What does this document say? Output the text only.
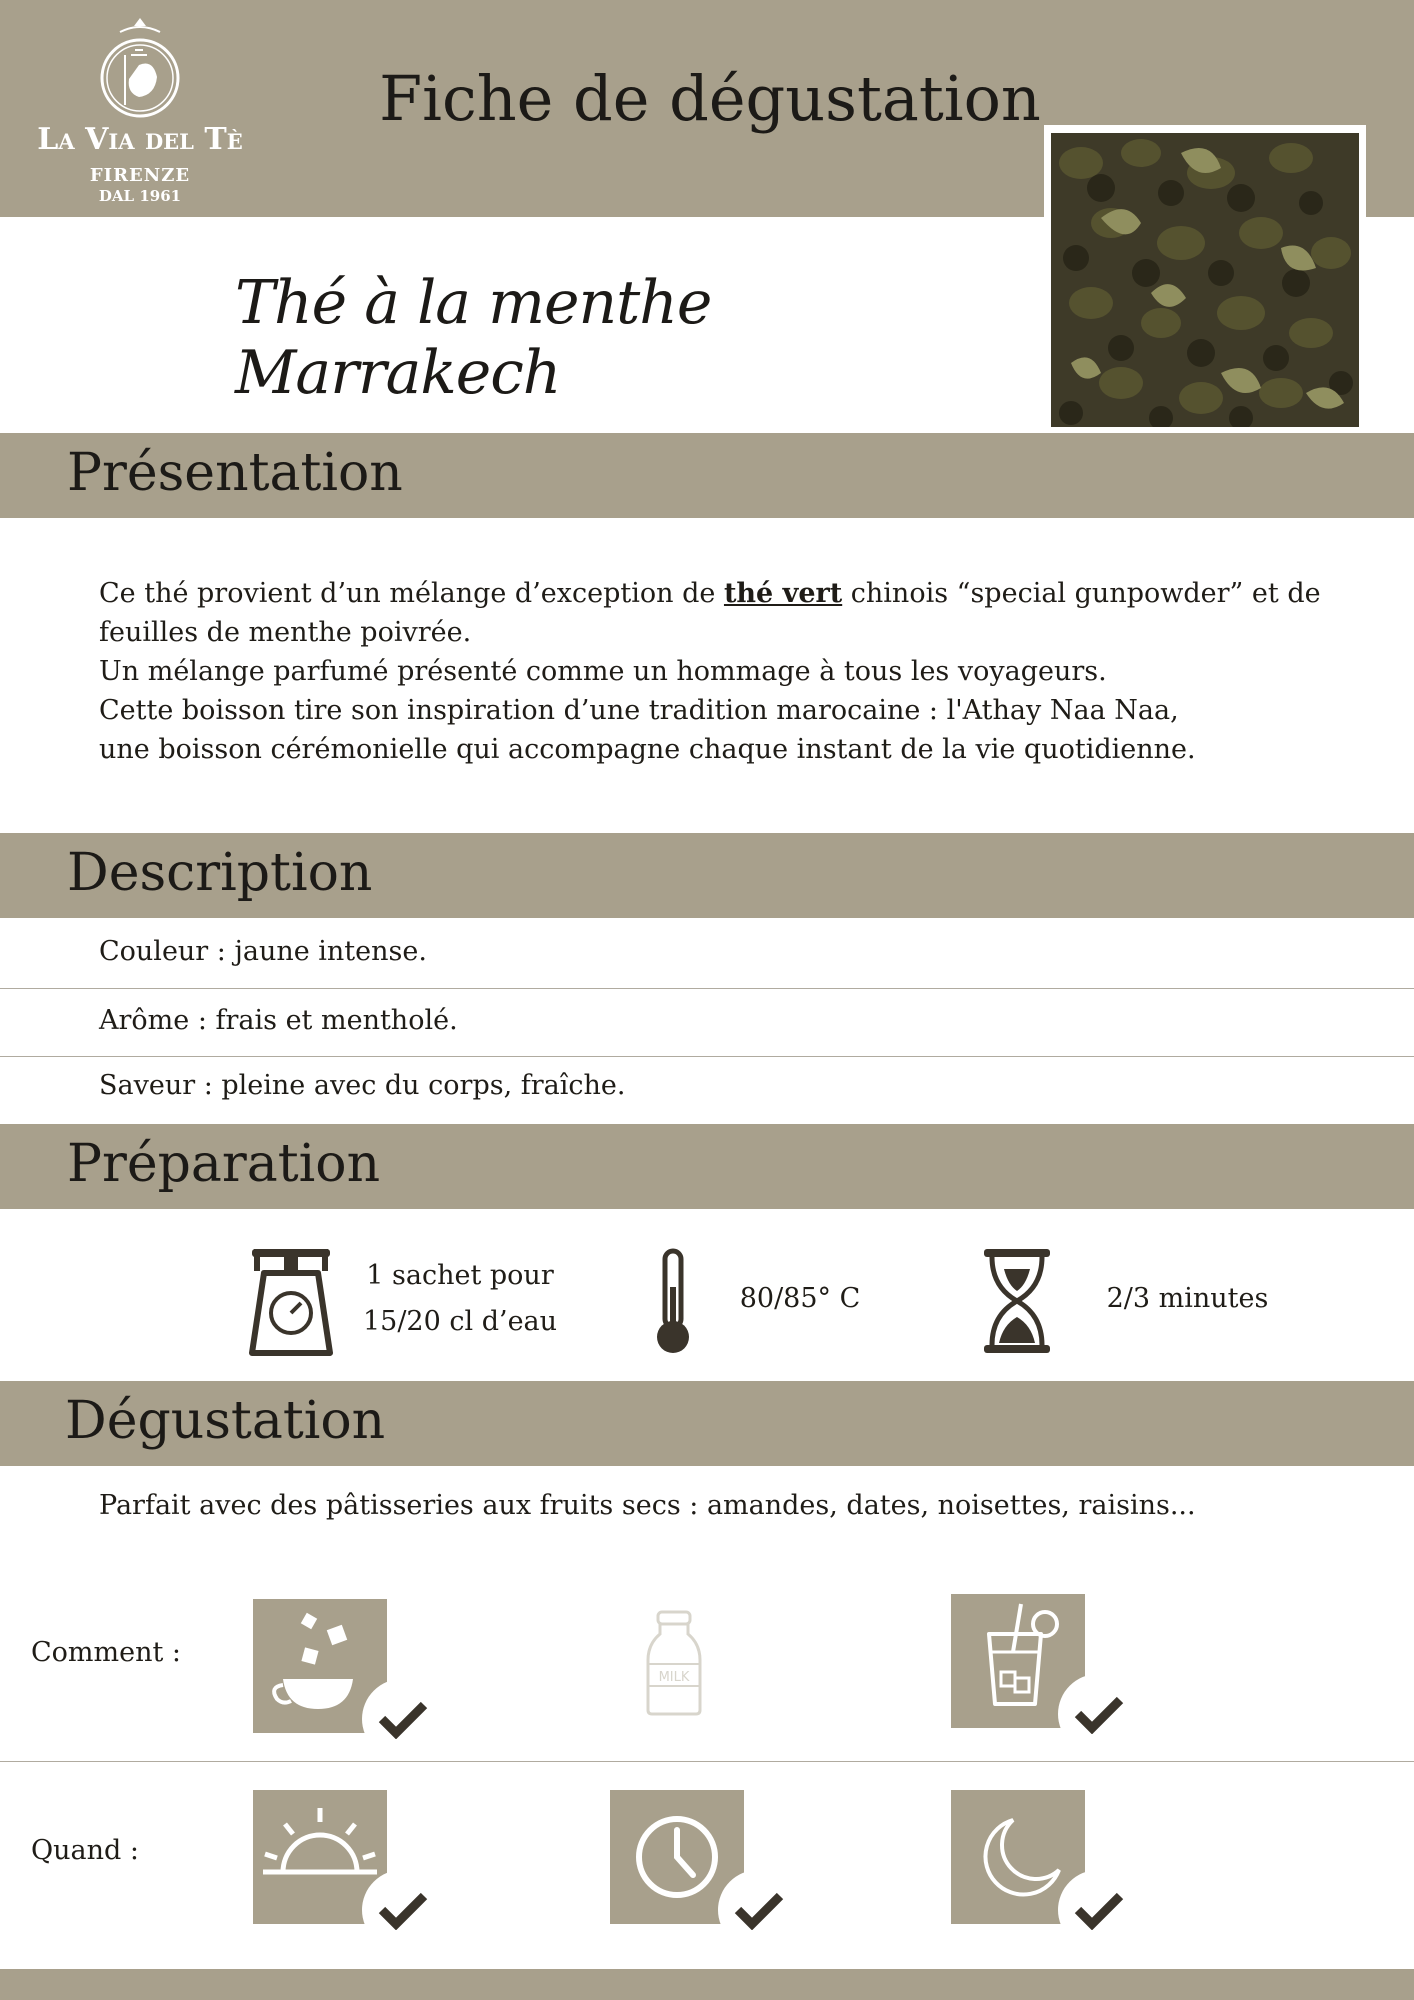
La Via del Tè
FIRENZE
DAL 1961
Fiche de dégustation
Thé à la menthe Marrakech
Présentation
Ce thé provient d’un mélange d’exception de thé vert chinois “special gunpowder” et de
feuilles de menthe poivrée.
Un mélange parfumé présenté comme un hommage à tous les voyageurs.
Cette boisson tire son inspiration d’une tradition marocaine : l'Athay Naa Naa,
une boisson cérémonielle qui accompagne chaque instant de la vie quotidienne.
Description
Couleur : jaune intense.
Arôme : frais et mentholé.
Saveur : pleine avec du corps, fraîche.
Préparation
1 sachet pour
15/20 cl d’eau
80/85° C	2/3 minutes
Dégustation
Parfait avec des pâtisseries aux fruits secs : amandes, dates, noisettes, raisins...
Comment :
MILK
Quand :
